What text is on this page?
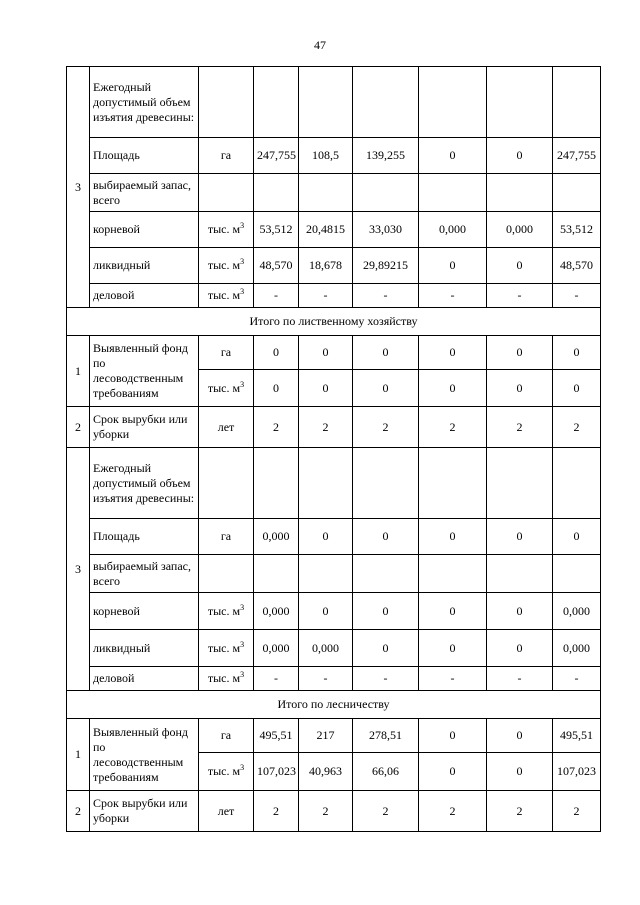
47
3	Ежегодный допустимый объем изъятия древесины:							
	Площадь	га	247,755	108,5	139,255	0	0	247,755
	выбираемый запас, всего							
	корневой	тыс. $м^3$	53,512	20,4815	33,030	0,000	0,000	53,512
	ликвидный	тыс. $м^3$	48,570	18,678	29,89215	0	0	48,570
	деловой	тыс. $м^3$	-	-	-	-	-	-
Итого по лиственному хозяйству								
1	Выявленный фонд по лесоводственным требованиям	га	0	0	0	0	0	0
		тыс. $м^3$	0	0	0	0	0	0
2	Срок вырубки или уборки	лет	2	2	2	2	2	2
3	Ежегодный допустимый объем изъятия древесины:							
	Площадь	га	0,000	0	0	0	0	0
	выбираемый запас, всего							
	корневой	тыс. $м^3$	0,000	0	0	0	0	0,000
	ликвидный	тыс. $м^3$	0,000	0,000	0	0	0	0,000
	деловой	тыс. $м^3$	-	-	-	-	-	-
Итого по лесничеству								
1	Выявленный фонд по лесоводственным требованиям	га	495,51	217	278,51	0	0	495,51
		тыс. $м^3$	107,023	40,963	66,06	0	0	107,023
2	Срок вырубки или уборки	лет	2	2	2	2	2	2
